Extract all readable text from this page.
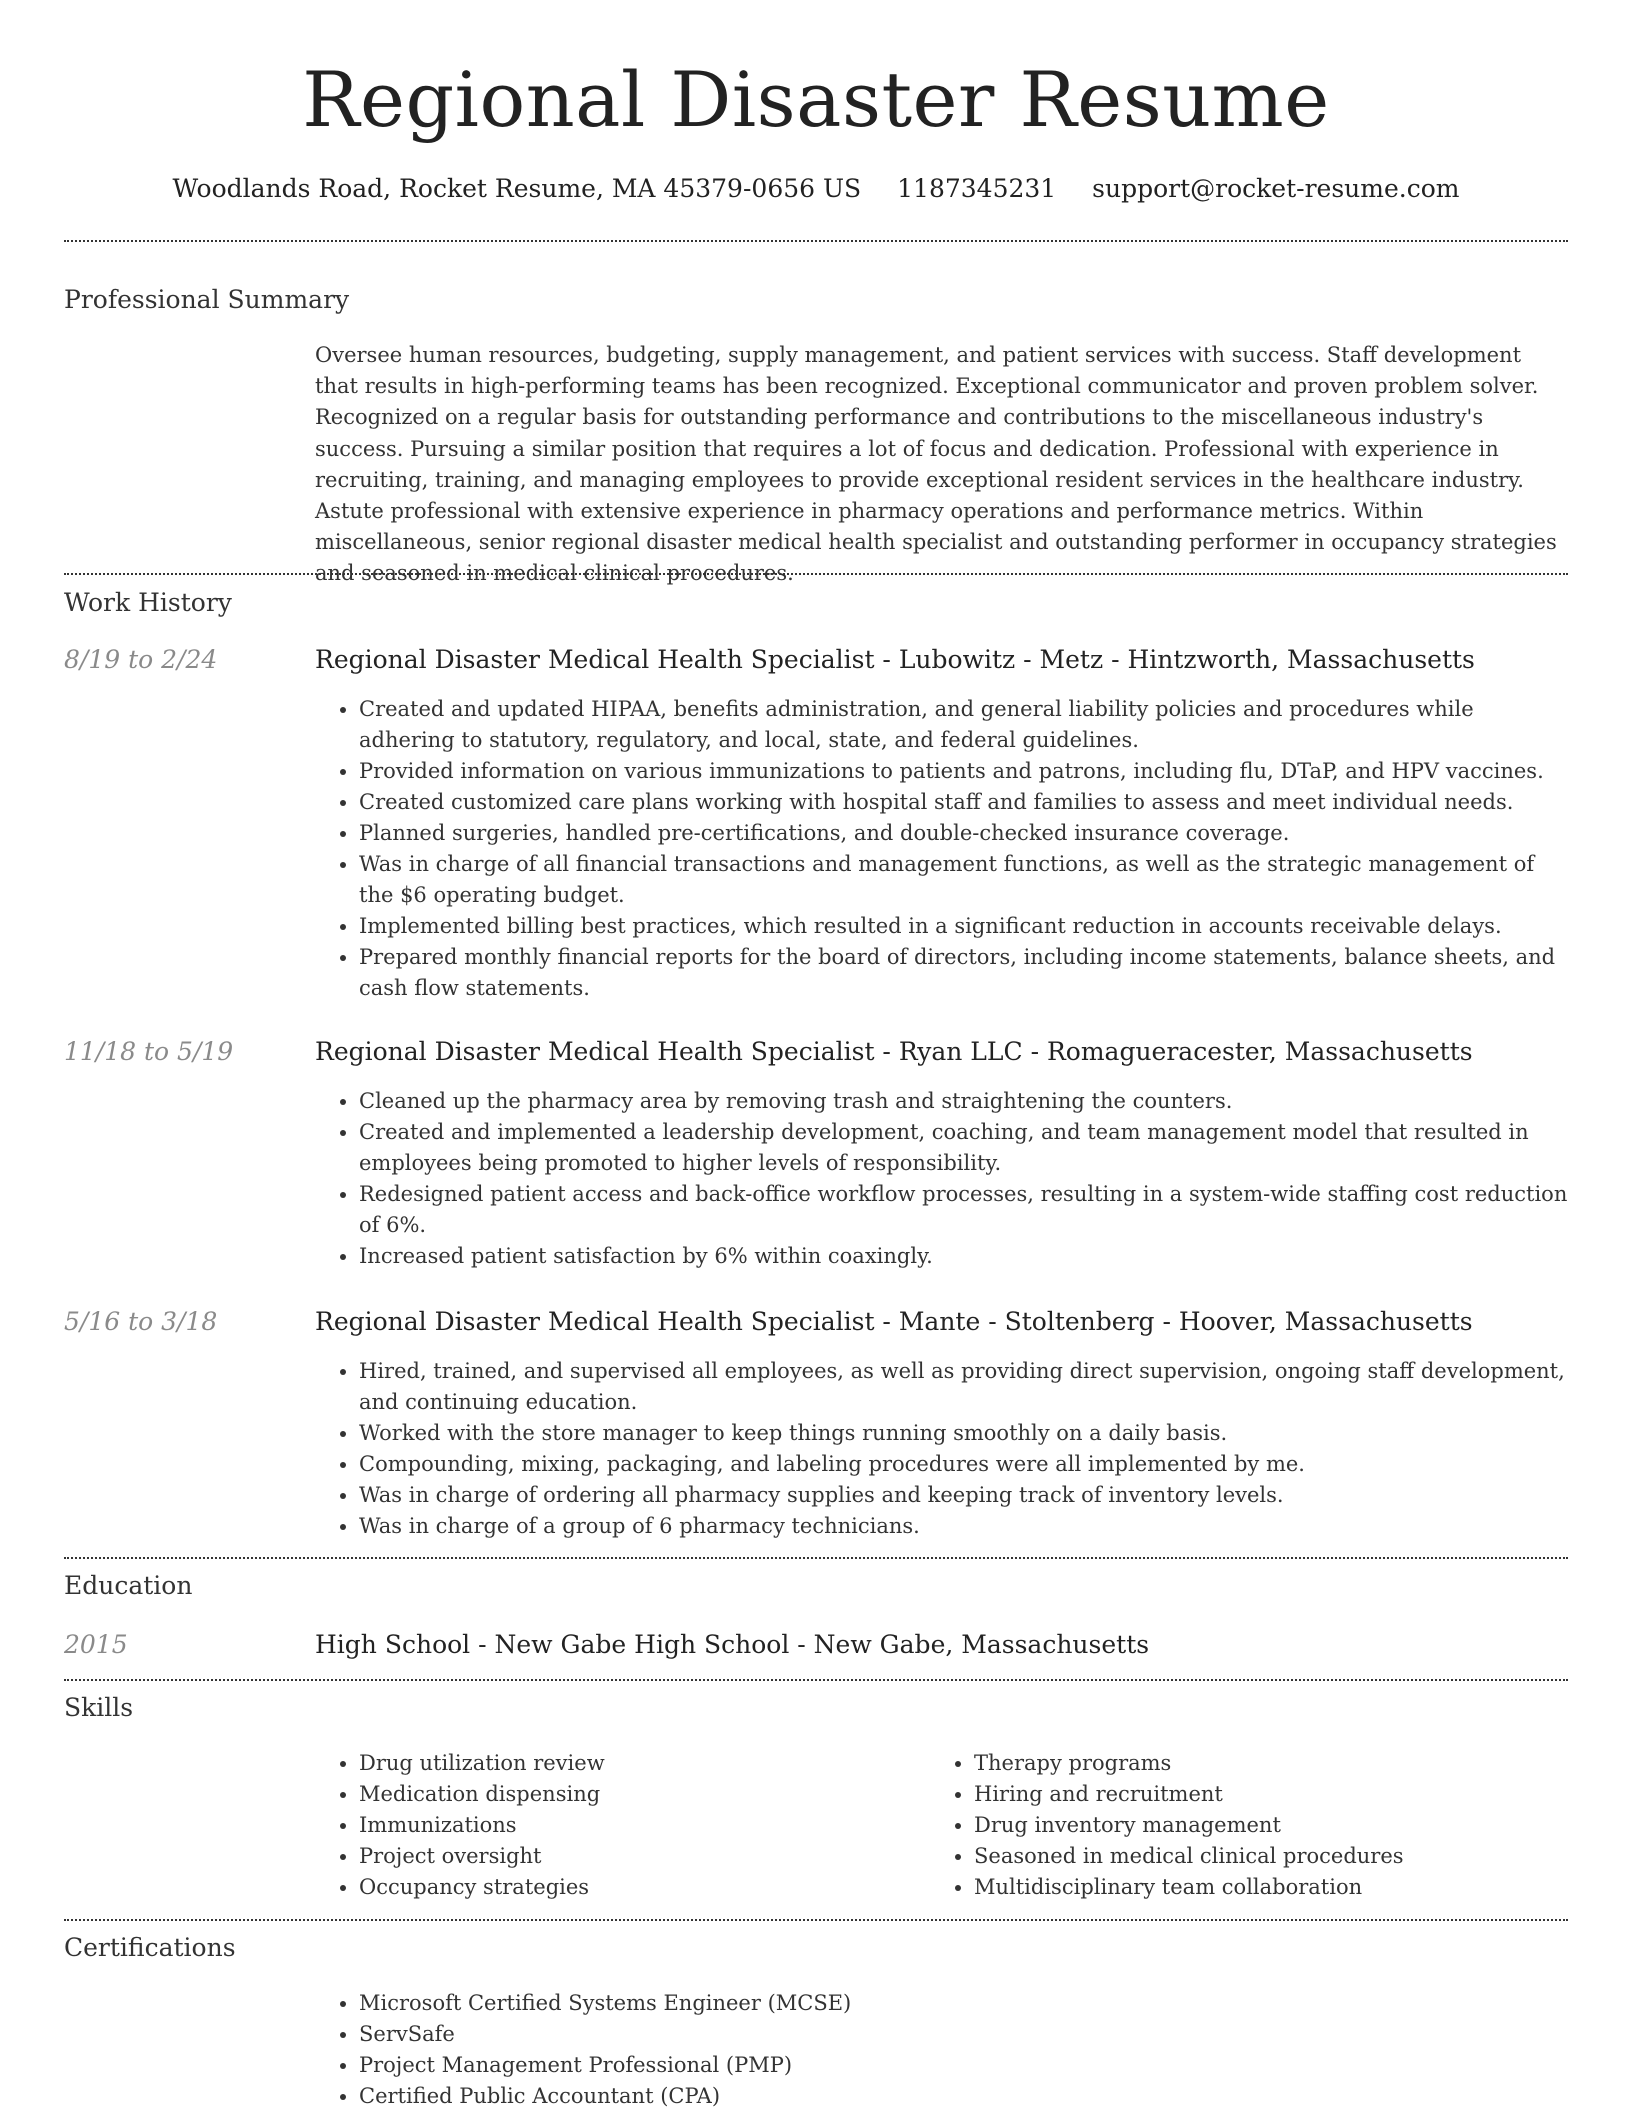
Regional Disaster Resume
Woodlands Road, Rocket Resume, MA 45379-0656 US 1187345231 support@rocket-resume.com
Professional Summary
Oversee human resources, budgeting, supply management, and patient services with success. Staff development that results in high-performing teams has been recognized. Exceptional communicator and proven problem solver. Recognized on a regular basis for outstanding performance and contributions to the miscellaneous industry's success. Pursuing a similar position that requires a lot of focus and dedication. Professional with experience in recruiting, training, and managing employees to provide exceptional resident services in the healthcare industry. Astute professional with extensive experience in pharmacy operations and performance metrics. Within miscellaneous, senior regional disaster medical health specialist and outstanding performer in occupancy strategies and seasoned in medical clinical procedures.
Work History
8/19 to 2/24	Regional Disaster Medical Health Specialist - Lubowitz - Metz - Hintzworth, Massachusetts
• Created and updated HIPAA, benefits administration, and general liability policies and procedures while adhering to statutory, regulatory, and local, state, and federal guidelines.
• Provided information on various immunizations to patients and patrons, including flu, DTaP, and HPV vaccines.
• Created customized care plans working with hospital staff and families to assess and meet individual needs.
• Planned surgeries, handled pre-certifications, and double-checked insurance coverage.
• Was in charge of all financial transactions and management functions, as well as the strategic management of the $6 operating budget.
• Implemented billing best practices, which resulted in a significant reduction in accounts receivable delays.
• Prepared monthly financial reports for the board of directors, including income statements, balance sheets, and cash flow statements.
11/18 to 5/19	Regional Disaster Medical Health Specialist - Ryan LLC - Romagueracester, Massachusetts
• Cleaned up the pharmacy area by removing trash and straightening the counters.
• Created and implemented a leadership development, coaching, and team management model that resulted in employees being promoted to higher levels of responsibility.
• Redesigned patient access and back-office workflow processes, resulting in a system-wide staffing cost reduction of 6%.
• Increased patient satisfaction by 6% within coaxingly.
5/16 to 3/18	Regional Disaster Medical Health Specialist - Mante - Stoltenberg - Hoover, Massachusetts
• Hired, trained, and supervised all employees, as well as providing direct supervision, ongoing staff development, and continuing education.
• Worked with the store manager to keep things running smoothly on a daily basis.
• Compounding, mixing, packaging, and labeling procedures were all implemented by me.
• Was in charge of ordering all pharmacy supplies and keeping track of inventory levels.
• Was in charge of a group of 6 pharmacy technicians.
Education
2015	High School - New Gabe High School - New Gabe, Massachusetts
Skills
• Drug utilization review
• Medication dispensing
• Immunizations
• Project oversight
• Occupancy strategies
• Therapy programs
• Hiring and recruitment
• Drug inventory management
• Seasoned in medical clinical procedures
• Multidisciplinary team collaboration
Certifications
• Microsoft Certified Systems Engineer (MCSE)
• ServSafe
• Project Management Professional (PMP)
• Certified Public Accountant (CPA)
